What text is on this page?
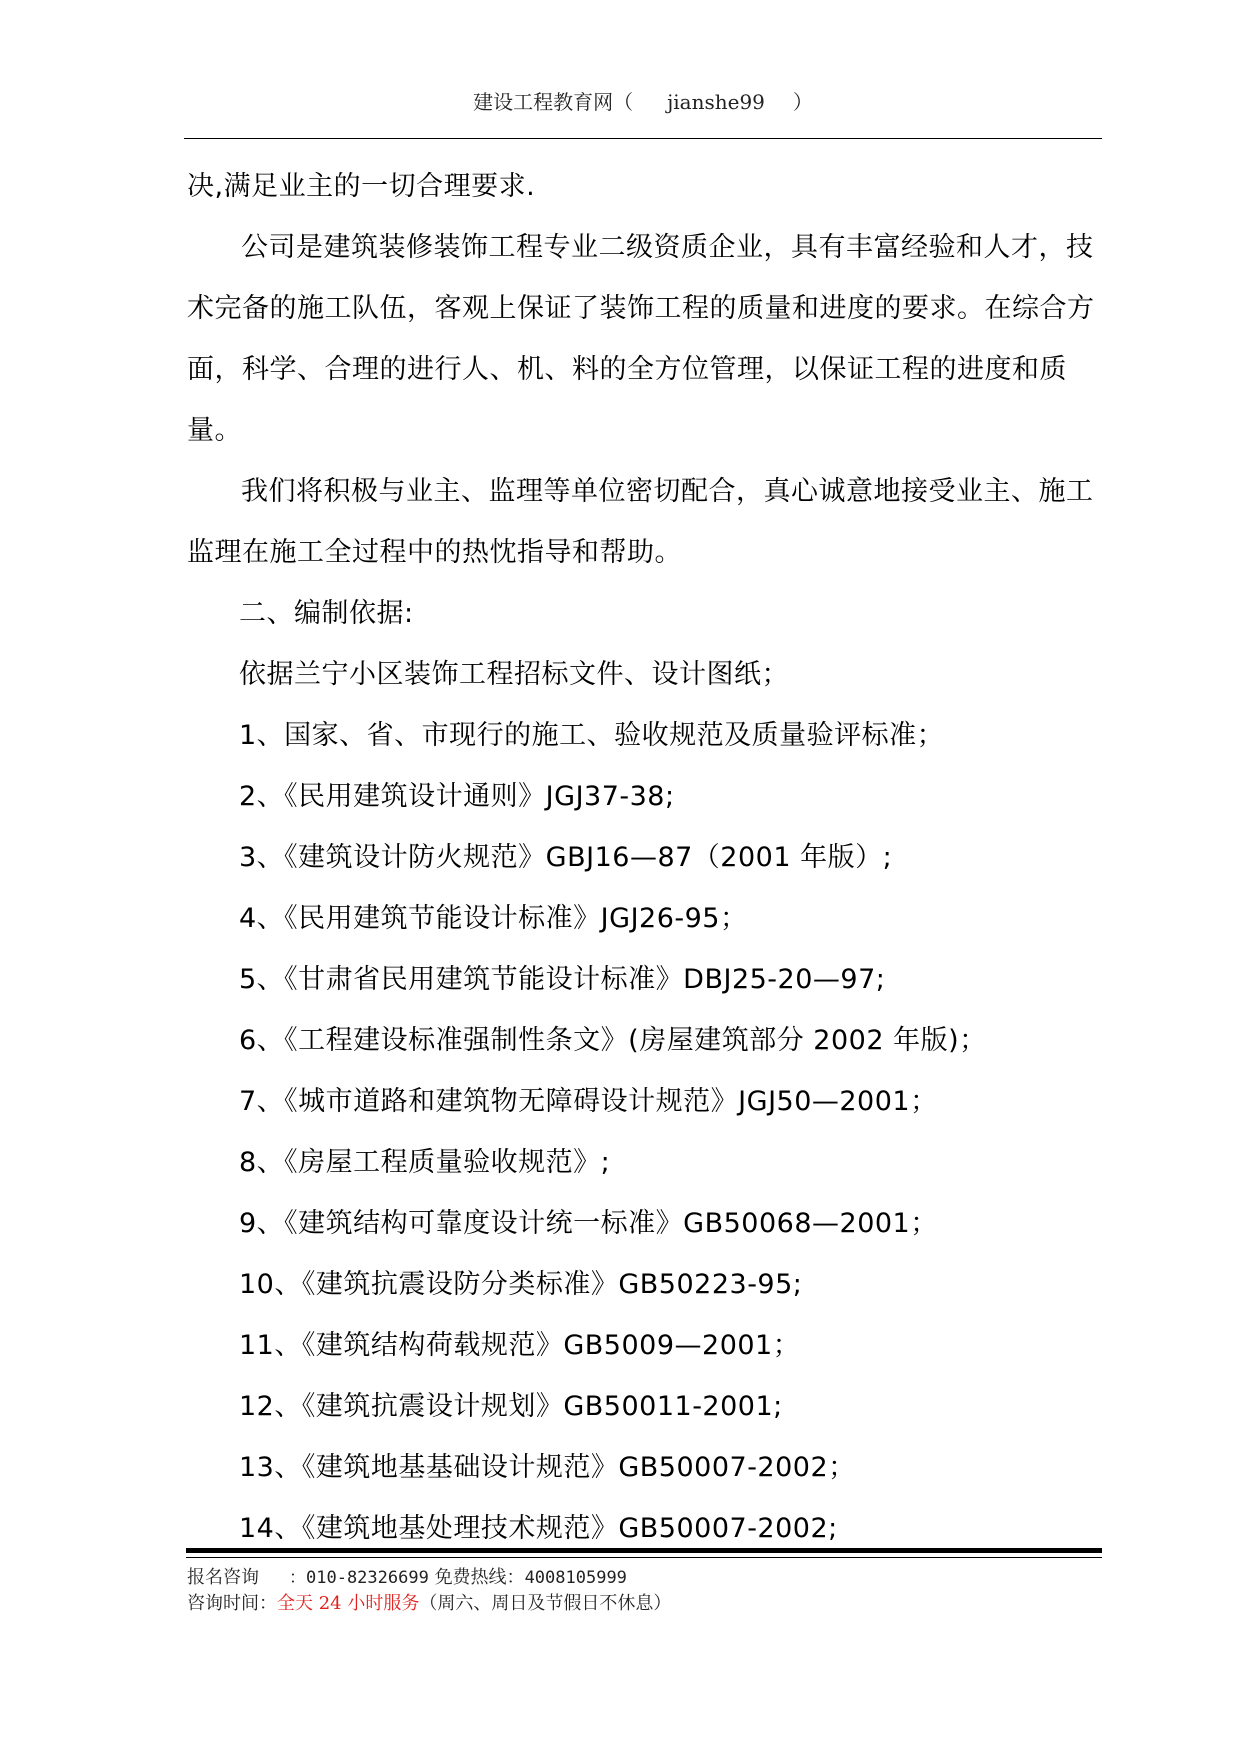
建设工程教育网（ jianshe99 ）

决,满足业主的一切合理要求.

公司是建筑装修装饰工程专业二级资质企业，具有丰富经验和人才，技术完备的施工队伍，客观上保证了装饰工程的质量和进度的要求。在综合方面，科学、合理的进行人、机、料的全方位管理，以保证工程的进度和质量。

我们将积极与业主、监理等单位密切配合，真心诚意地接受业主、施工监理在施工全过程中的热忱指导和帮助。

二、编制依据:

依据兰宁小区装饰工程招标文件、设计图纸；

1、国家、省、市现行的施工、验收规范及质量验评标准；

2、《民用建筑设计通则》JGJ37-38;

3、《建筑设计防火规范》GBJ16—87（2001 年版）;

4、《民用建筑节能设计标准》JGJ26-95；

5、《甘肃省民用建筑节能设计标准》DBJ25-20—97;

6、《工程建设标准强制性条文》(房屋建筑部分 2002 年版)；

7、《城市道路和建筑物无障碍设计规范》JGJ50—2001；

8、《房屋工程质量验收规范》;

9、《建筑结构可靠度设计统一标准》GB50068—2001；

10、《建筑抗震设防分类标准》GB50223-95;

11、《建筑结构荷载规范》GB5009—2001；

12、《建筑抗震设计规划》GB50011-2001;

13、《建筑地基基础设计规范》GB50007-2002；

14、《建筑地基处理技术规范》GB50007-2002;

报名咨询 ：010-82326699 免费热线：4008105999
咨询时间：全天 24 小时服务（周六、周日及节假日不休息）
